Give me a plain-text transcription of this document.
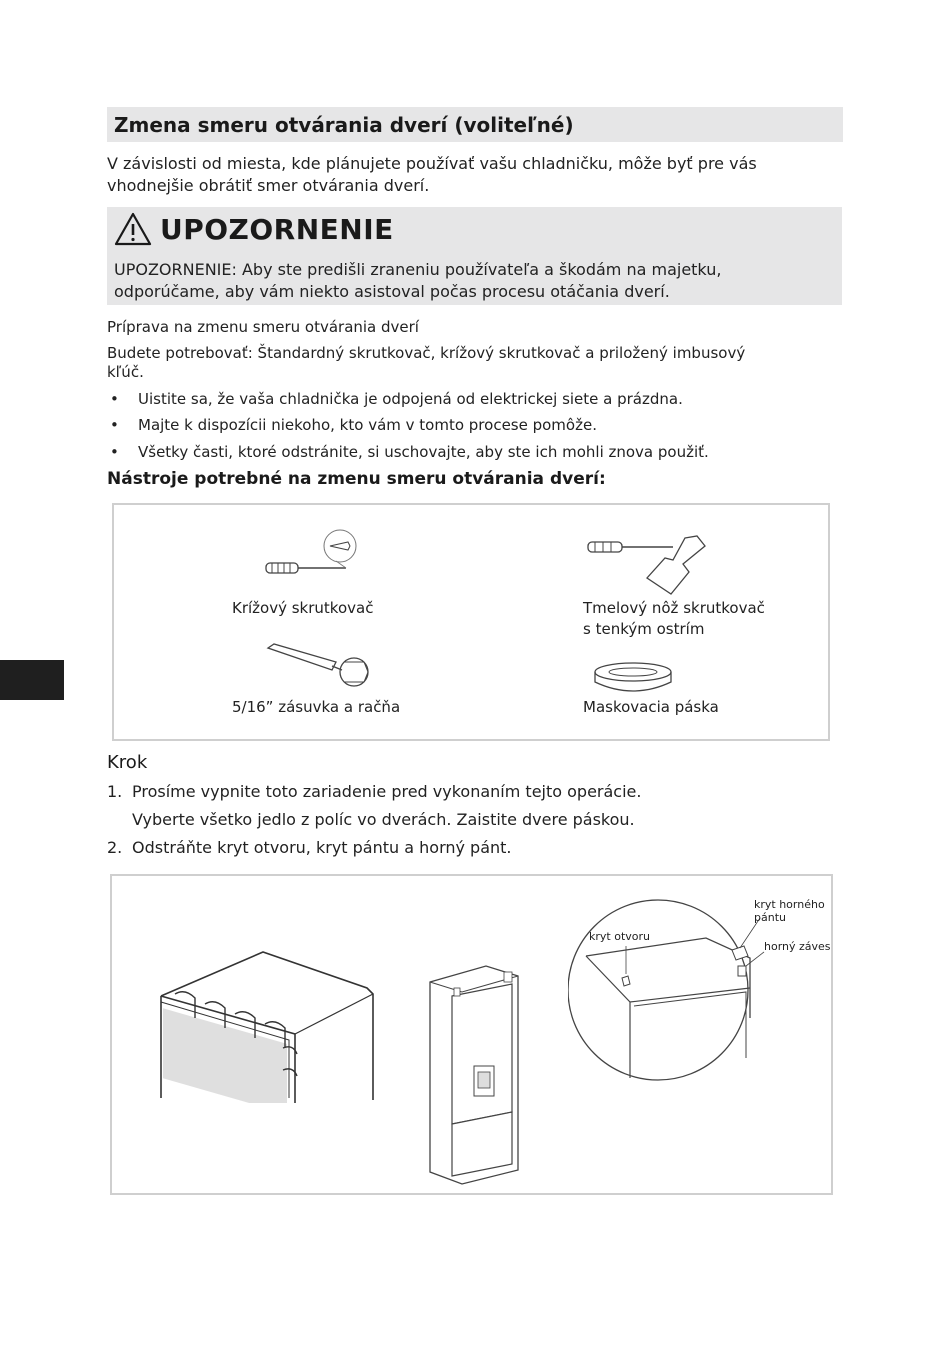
Zmena smeru otvárania dverí (voliteľné)
V závislosti od miesta, kde plánujete používať vašu chladničku, môže byť pre vás
vhodnejšie obrátiť smer otvárania dverí.
UPOZORNENIE
UPOZORNENIE: Aby ste predišli zraneniu používateľa a škodám na majetku,
odporúčame, aby vám niekto asistoval počas procesu otáčania dverí.
Príprava na zmenu smeru otvárania dverí
Budete potrebovať: Štandardný skrutkovač, krížový skrutkovač a priložený imbusový
kľúč.
• Uistite sa, že vaša chladnička je odpojená od elektrickej siete a prázdna.
• Majte k dispozícii niekoho, kto vám v tomto procese pomôže.
• Všetky časti, ktoré odstránite, si uschovajte, aby ste ich mohli znova použiť.
Nástroje potrebné na zmenu smeru otvárania dverí:
Krížový skrutkovač	Tmelový nôž skrutkovač
s tenkým ostrím
5/16” zásuvka a račňa	Maskovacia páska
Krok
1. Prosíme vypnite toto zariadenie pred vykonaním tejto operácie.
Vyberte všetko jedlo z políc vo dverách. Zaistite dvere páskou.
2. Odstráňte kryt otvoru, kryt pántu a horný pánt.
kryt otvoru
kryt horného
pántu
horný záves
